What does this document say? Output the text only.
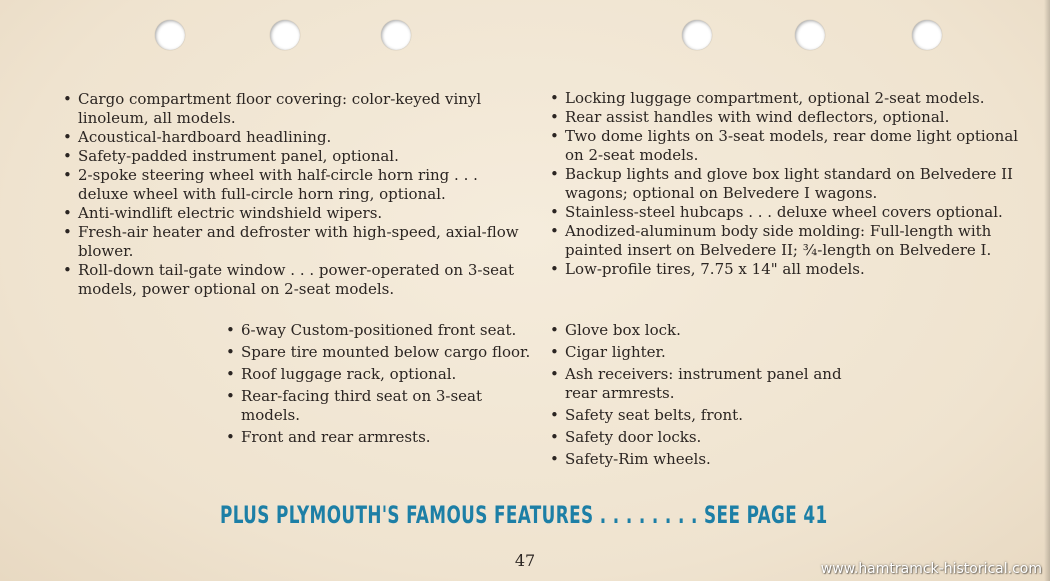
• Cargo compartment floor covering: color-keyed vinyl linoleum, all models.
• Acoustical-hardboard headlining.
• Safety-padded instrument panel, optional.
• 2-spoke steering wheel with half-circle horn ring . . . deluxe wheel with full-circle horn ring, optional.
• Anti-windlift electric windshield wipers.
• Fresh-air heater and defroster with high-speed, axial-flow blower.
• Roll-down tail-gate window . . . power-operated on 3-seat models, power optional on 2-seat models.
• Locking luggage compartment, optional 2-seat models.
• Rear assist handles with wind deflectors, optional.
• Two dome lights on 3-seat models, rear dome light optional on 2-seat models.
• Backup lights and glove box light standard on Belvedere II wagons; optional on Belvedere I wagons.
• Stainless-steel hubcaps . . . deluxe wheel covers optional.
• Anodized-aluminum body side molding: Full-length with painted insert on Belvedere II; ¾-length on Belvedere I.
• Low-profile tires, 7.75 x 14" all models.
• 6-way Custom-positioned front seat.
• Spare tire mounted below cargo floor.
• Roof luggage rack, optional.
• Rear-facing third seat on 3-seat models.
• Front and rear armrests.
• Glove box lock.
• Cigar lighter.
• Ash receivers: instrument panel and rear armrests.
• Safety seat belts, front.
• Safety door locks.
• Safety-Rim wheels.
PLUS PLYMOUTH'S FAMOUS FEATURES . . . . . . . . SEE PAGE 41
47	www.hamtramck-historical.com
